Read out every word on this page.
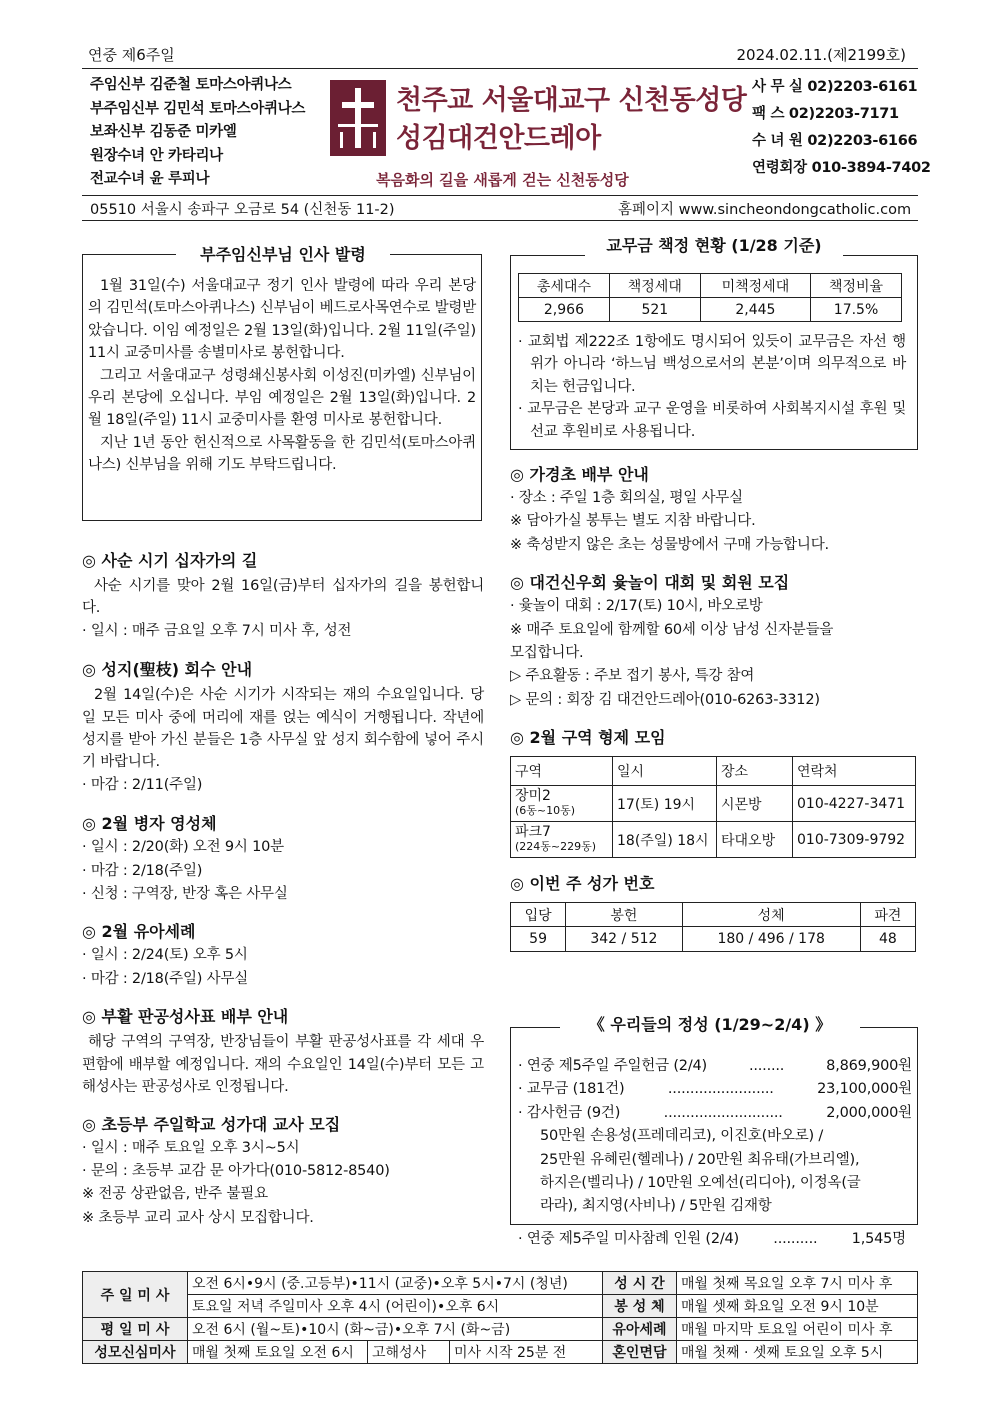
연중 제6주일	2024.02.11.(제2199호)
주임신부 김준철 토마스아퀴나스
부주임신부 김민석 토마스아퀴나스
보좌신부 김동준 미카엘
원장수녀 안 카타리나
전교수녀 윤 루피나
천주교 서울대교구 신천동성당
성김대건안드레아
복음화의 길을 새롭게 걷는 신천동성당
사 무 실 02)2203-6161
팩 스 02)2203-7171
수 녀 원 02)2203-6166
연령회장 010-3894-7402
05510 서울시 송파구 오금로 54 (신천동 11-2)	홈페이지 www.sincheondongcatholic.com
부주임신부님 인사 발령

1월 31일(수) 서울대교구 정기 인사 발령에 따라 우리 본당의 김민석(토마스아퀴나스) 신부님이 베드로사목연수로 발령받았습니다. 이임 예정일은 2월 13일(화)입니다. 2월 11일(주일) 11시 교중미사를 송별미사로 봉헌합니다.

그리고 서울대교구 성령쇄신봉사회 이성진(미카엘) 신부님이 우리 본당에 오십니다. 부임 예정일은 2월 13일(화)입니다. 2월 18일(주일) 11시 교중미사를 환영 미사로 봉헌합니다.

지난 1년 동안 헌신적으로 사목활동을 한 김민석(토마스아퀴나스) 신부님을 위해 기도 부탁드립니다.

◎ 사순 시기 십자가의 길

사순 시기를 맞아 2월 16일(금)부터 십자가의 길을 봉헌합니다.

· 일시 : 매주 금요일 오후 7시 미사 후, 성전
◎ 성지(聖枝) 회수 안내

2월 14일(수)은 사순 시기가 시작되는 재의 수요일입니다. 당일 모든 미사 중에 머리에 재를 얹는 예식이 거행됩니다. 작년에 성지를 받아 가신 분들은 1층 사무실 앞 성지 회수함에 넣어 주시기 바랍니다.

· 마감 : 2/11(주일)
◎ 2월 병자 영성체
· 일시 : 2/20(화) 오전 9시 10분
· 마감 : 2/18(주일)
· 신청 : 구역장, 반장 혹은 사무실
◎ 2월 유아세례
· 일시 : 2/24(토) 오후 5시
· 마감 : 2/18(주일) 사무실
◎ 부활 판공성사표 배부 안내

해당 구역의 구역장, 반장님들이 부활 판공성사표를 각 세대 우편함에 배부할 예정입니다. 재의 수요일인 14일(수)부터 모든 고해성사는 판공성사로 인정됩니다.

◎ 초등부 주일학교 성가대 교사 모집
· 일시 : 매주 토요일 오후 3시~5시
· 문의 : 초등부 교감 문 아가다(010-5812-8540)
※ 전공 상관없음, 반주 불필요
※ 초등부 교리 교사 상시 모집합니다.
교무금 책정 현황 (1/28 기준)
총세대수	책정세대	미책정세대	책정비율
2,966	521	2,445	17.5%

· 교회법 제222조 1항에도 명시되어 있듯이 교무금은 자선 행위가 아니라 ‘하느님 백성으로서의 본분’이며 의무적으로 바치는 헌금입니다.

· 교무금은 본당과 교구 운영을 비롯하여 사회복지시설 후원 및 선교 후원비로 사용됩니다.

◎ 가경초 배부 안내
· 장소 : 주일 1층 회의실, 평일 사무실
※ 담아가실 봉투는 별도 지참 바랍니다.
※ 축성받지 않은 초는 성물방에서 구매 가능합니다.
◎ 대건신우회 윷놀이 대회 및 회원 모집
· 윷놀이 대회 : 2/17(토) 10시, 바오로방
※ 매주 토요일에 함께할 60세 이상 남성 신자분들을
모집합니다.
▷ 주요활동 : 주보 접기 봉사, 특강 참여
▷ 문의 : 회장 김 대건안드레아(010-6263-3312)
◎ 2월 구역 형제 모임
구역	일시	장소	연락처
장미2
(6동~10동)	17(토) 19시	시몬방	010-4227-3471
파크7
(224동~229동)	18(주일) 18시	타대오방	010-7309-9792
◎ 이번 주 성가 번호
입당	봉헌	성체	파견
59	342 / 512	180 / 496 / 178	48
《 우리들의 정성 (1/29~2/4) 》
· 연중 제5주일 주일헌금 (2/4)	........	8,869,900원
· 교무금 (181건)	........................	23,100,000원
· 감사헌금 (9건)	...........................	2,000,000원
50만원 손용성(프레데리코), 이진호(바오로) /
25만원 유혜린(헬레나) / 20만원 최유태(가브리엘),
하지은(벨리나) / 10만원 오예선(리디아), 이정옥(글
라라), 최지영(사비나) / 5만원 김재항
· 연중 제5주일 미사참례 인원 (2/4) .......... 1,545명
주 일 미 사	오전 6시•9시 (중.고등부)•11시 (교중)•오후 5시•7시 (청년)			성 시 간	매월 첫째 목요일 오후 7시 미사 후
	토요일 저녁 주일미사 오후 4시 (어린이)•오후 6시			봉 성 체	매월 셋째 화요일 오전 9시 10분
평 일 미 사	오전 6시 (월~토)•10시 (화~금)•오후 7시 (화~금)			유아세례	매월 마지막 토요일 어린이 미사 후
성모신심미사	매월 첫째 토요일 오전 6시	고해성사	미사 시작 25분 전	혼인면담	매월 첫째 · 셋째 토요일 오후 5시
